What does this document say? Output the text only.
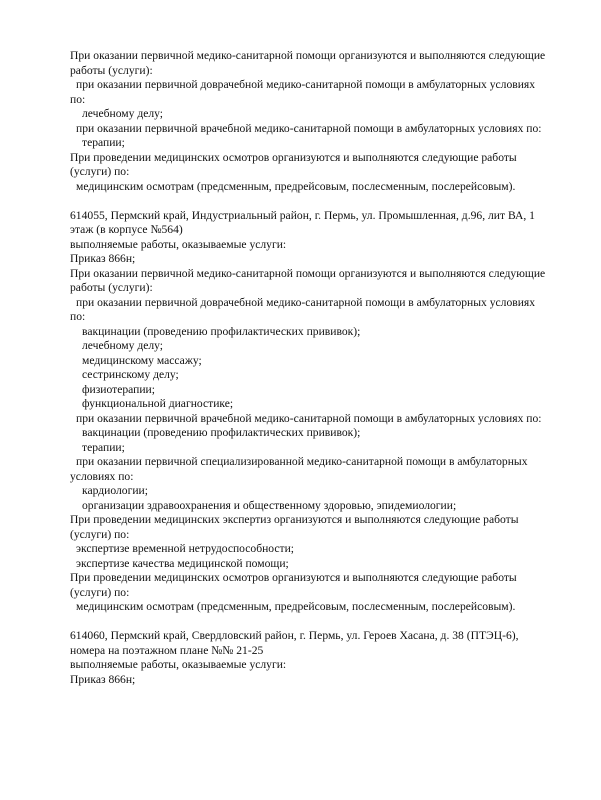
При оказании первичной медико-санитарной помощи организуются и выполняются следующие
работы (услуги):
при оказании первичной доврачебной медико-санитарной помощи в амбулаторных условиях
по:
лечебному делу;
при оказании первичной врачебной медико-санитарной помощи в амбулаторных условиях по:
терапии;
При проведении медицинских осмотров организуются и выполняются следующие работы
(услуги) по:
медицинским осмотрам (предсменным, предрейсовым, послесменным, послерейсовым).
614055, Пермский край, Индустриальный район, г. Пермь, ул. Промышленная, д.96, лит ВА, 1
этаж (в корпусе №564)
выполняемые работы, оказываемые услуги:
Приказ 866н;
При оказании первичной медико-санитарной помощи организуются и выполняются следующие
работы (услуги):
при оказании первичной доврачебной медико-санитарной помощи в амбулаторных условиях
по:
вакцинации (проведению профилактических прививок);
лечебному делу;
медицинскому массажу;
сестринскому делу;
физиотерапии;
функциональной диагностике;
при оказании первичной врачебной медико-санитарной помощи в амбулаторных условиях по:
вакцинации (проведению профилактических прививок);
терапии;
при оказании первичной специализированной медико-санитарной помощи в амбулаторных
условиях по:
кардиологии;
организации здравоохранения и общественному здоровью, эпидемиологии;
При проведении медицинских экспертиз организуются и выполняются следующие работы
(услуги) по:
экспертизе временной нетрудоспособности;
экспертизе качества медицинской помощи;
При проведении медицинских осмотров организуются и выполняются следующие работы
(услуги) по:
медицинским осмотрам (предсменным, предрейсовым, послесменным, послерейсовым).
614060, Пермский край, Свердловский район, г. Пермь, ул. Героев Хасана, д. 38 (ПТЭЦ-6),
номера на поэтажном плане №№ 21-25
выполняемые работы, оказываемые услуги:
Приказ 866н;
